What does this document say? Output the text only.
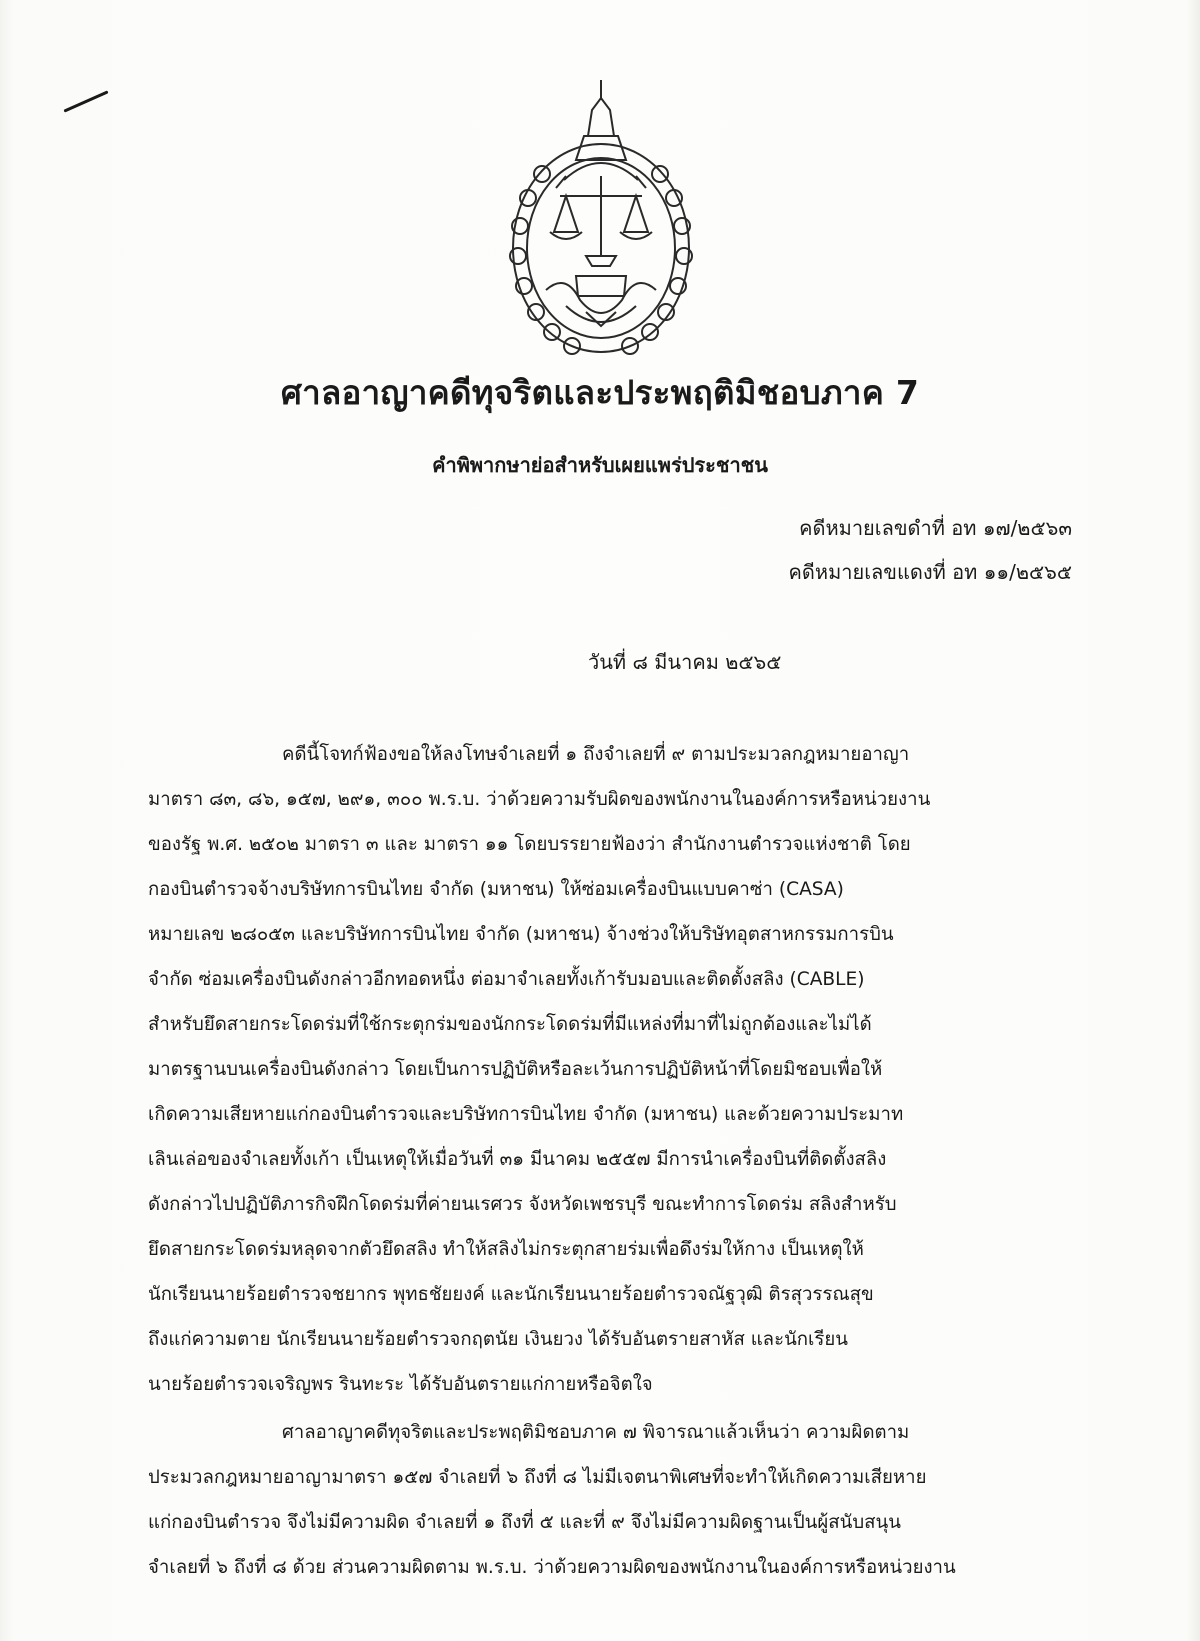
ศาลอาญาคดีทุจริตและประพฤติมิชอบภาค 7
คำพิพากษาย่อสำหรับเผยแพร่ประชาชน
คดีหมายเลขดำที่ อท ๑๗/๒๕๖๓
คดีหมายเลขแดงที่ อท ๑๑/๒๕๖๕
วันที่ ๘ มีนาคม ๒๕๖๕
คดีนี้โจทก์ฟ้องขอให้ลงโทษจำเลยที่ ๑ ถึงจำเลยที่ ๙ ตามประมวลกฎหมายอาญา
มาตรา ๘๓, ๘๖, ๑๕๗, ๒๙๑, ๓๐๐ พ.ร.บ. ว่าด้วยความรับผิดของพนักงานในองค์การหรือหน่วยงาน
ของรัฐ พ.ศ. ๒๕๐๒ มาตรา ๓ และ มาตรา ๑๑ โดยบรรยายฟ้องว่า สำนักงานตำรวจแห่งชาติ โดย
กองบินตำรวจจ้างบริษัทการบินไทย จำกัด (มหาชน) ให้ซ่อมเครื่องบินแบบคาซ่า (CASA)
หมายเลข ๒๘๐๕๓ และบริษัทการบินไทย จำกัด (มหาชน) จ้างช่วงให้บริษัทอุตสาหกรรมการบิน
จำกัด ซ่อมเครื่องบินดังกล่าวอีกทอดหนึ่ง ต่อมาจำเลยทั้งเก้ารับมอบและติดตั้งสลิง (CABLE)
สำหรับยึดสายกระโดดร่มที่ใช้กระตุกร่มของนักกระโดดร่มที่มีแหล่งที่มาที่ไม่ถูกต้องและไม่ได้
มาตรฐานบนเครื่องบินดังกล่าว โดยเป็นการปฏิบัติหรือละเว้นการปฏิบัติหน้าที่โดยมิชอบเพื่อให้
เกิดความเสียหายแก่กองบินตำรวจและบริษัทการบินไทย จำกัด (มหาชน) และด้วยความประมาท
เลินเล่อของจำเลยทั้งเก้า เป็นเหตุให้เมื่อวันที่ ๓๑ มีนาคม ๒๕๕๗ มีการนำเครื่องบินที่ติดตั้งสลิง
ดังกล่าวไปปฏิบัติภารกิจฝึกโดดร่มที่ค่ายนเรศวร จังหวัดเพชรบุรี ขณะทำการโดดร่ม สลิงสำหรับ
ยึดสายกระโดดร่มหลุดจากตัวยึดสลิง ทำให้สลิงไม่กระตุกสายร่มเพื่อดึงร่มให้กาง เป็นเหตุให้
นักเรียนนายร้อยตำรวจชยากร พุทธชัยยงค์ และนักเรียนนายร้อยตำรวจณัฐวุฒิ ติรสุวรรณสุข
ถึงแก่ความตาย นักเรียนนายร้อยตำรวจกฤตนัย เงินยวง ได้รับอันตรายสาหัส และนักเรียน
นายร้อยตำรวจเจริญพร รินทะระ ได้รับอันตรายแก่กายหรือจิตใจ
ศาลอาญาคดีทุจริตและประพฤติมิชอบภาค ๗ พิจารณาแล้วเห็นว่า ความผิดตาม
ประมวลกฎหมายอาญามาตรา ๑๕๗ จำเลยที่ ๖ ถึงที่ ๘ ไม่มีเจตนาพิเศษที่จะทำให้เกิดความเสียหาย
แก่กองบินตำรวจ จึงไม่มีความผิด จำเลยที่ ๑ ถึงที่ ๕ และที่ ๙ จึงไม่มีความผิดฐานเป็นผู้สนับสนุน
จำเลยที่ ๖ ถึงที่ ๘ ด้วย ส่วนความผิดตาม พ.ร.บ. ว่าด้วยความผิดของพนักงานในองค์การหรือหน่วยงาน
